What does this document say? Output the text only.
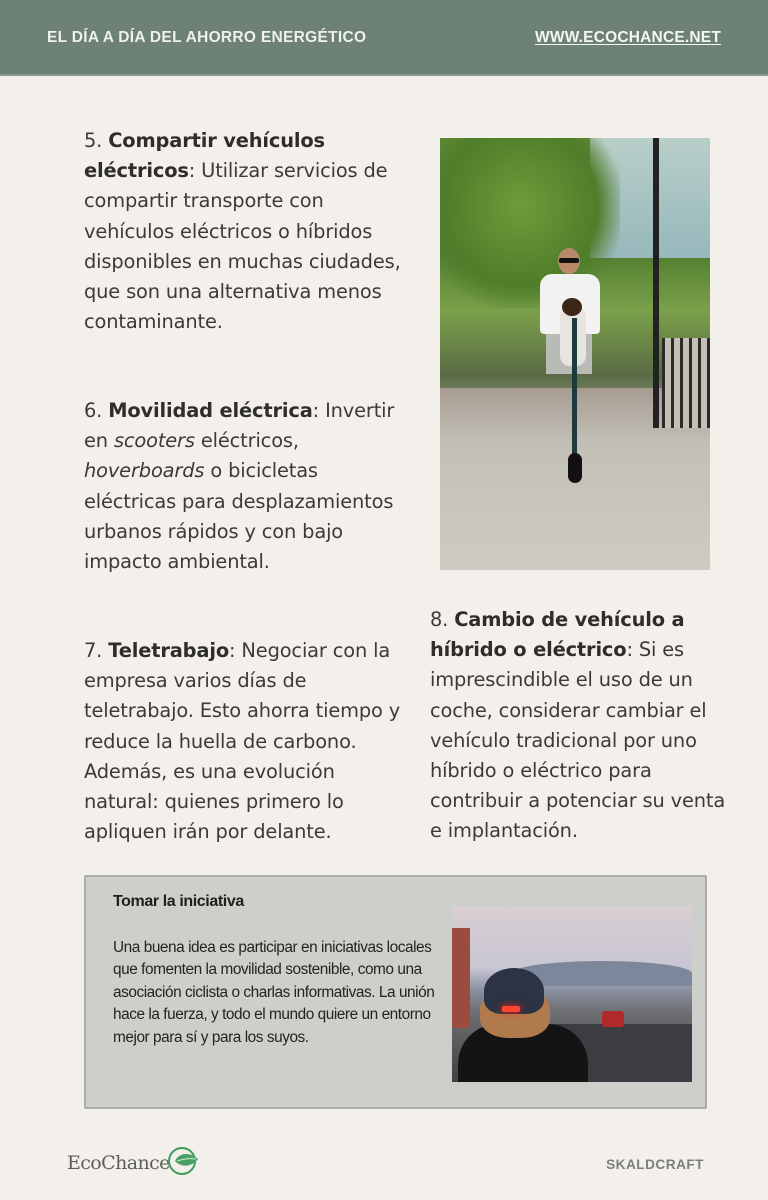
EL DÍA A DÍA DEL AHORRO ENERGÉTICO	WWW.ECOCHANCE.NET

5. Compartir vehículos eléctricos: Utilizar servicios de compartir transporte con vehículos eléctricos o híbridos disponibles en muchas ciudades, que son una alternativa menos contaminante.

6. Movilidad eléctrica: Invertir en scooters eléctricos, hoverboards o bicicletas eléctricas para desplazamientos urbanos rápidos y con bajo impacto ambiental.

7. Teletrabajo: Negociar con la empresa varios días de teletrabajo. Esto ahorra tiempo y reduce la huella de carbono. Además, es una evolución natural: quienes primero lo apliquen irán por delante.

8. Cambio de vehículo a híbrido o eléctrico: Si es imprescindible el uso de un coche, considerar cambiar el vehículo tradicional por uno híbrido o eléctrico para contribuir a potenciar su venta e implantación.

Tomar la iniciativa
Una buena idea es participar en iniciativas locales que fomenten la movilidad sostenible, como una asociación ciclista o charlas informativas. La unión hace la fuerza, y todo el mundo quiere un entorno mejor para sí y para los suyos.
EcoChance	SKALDCRAFT
